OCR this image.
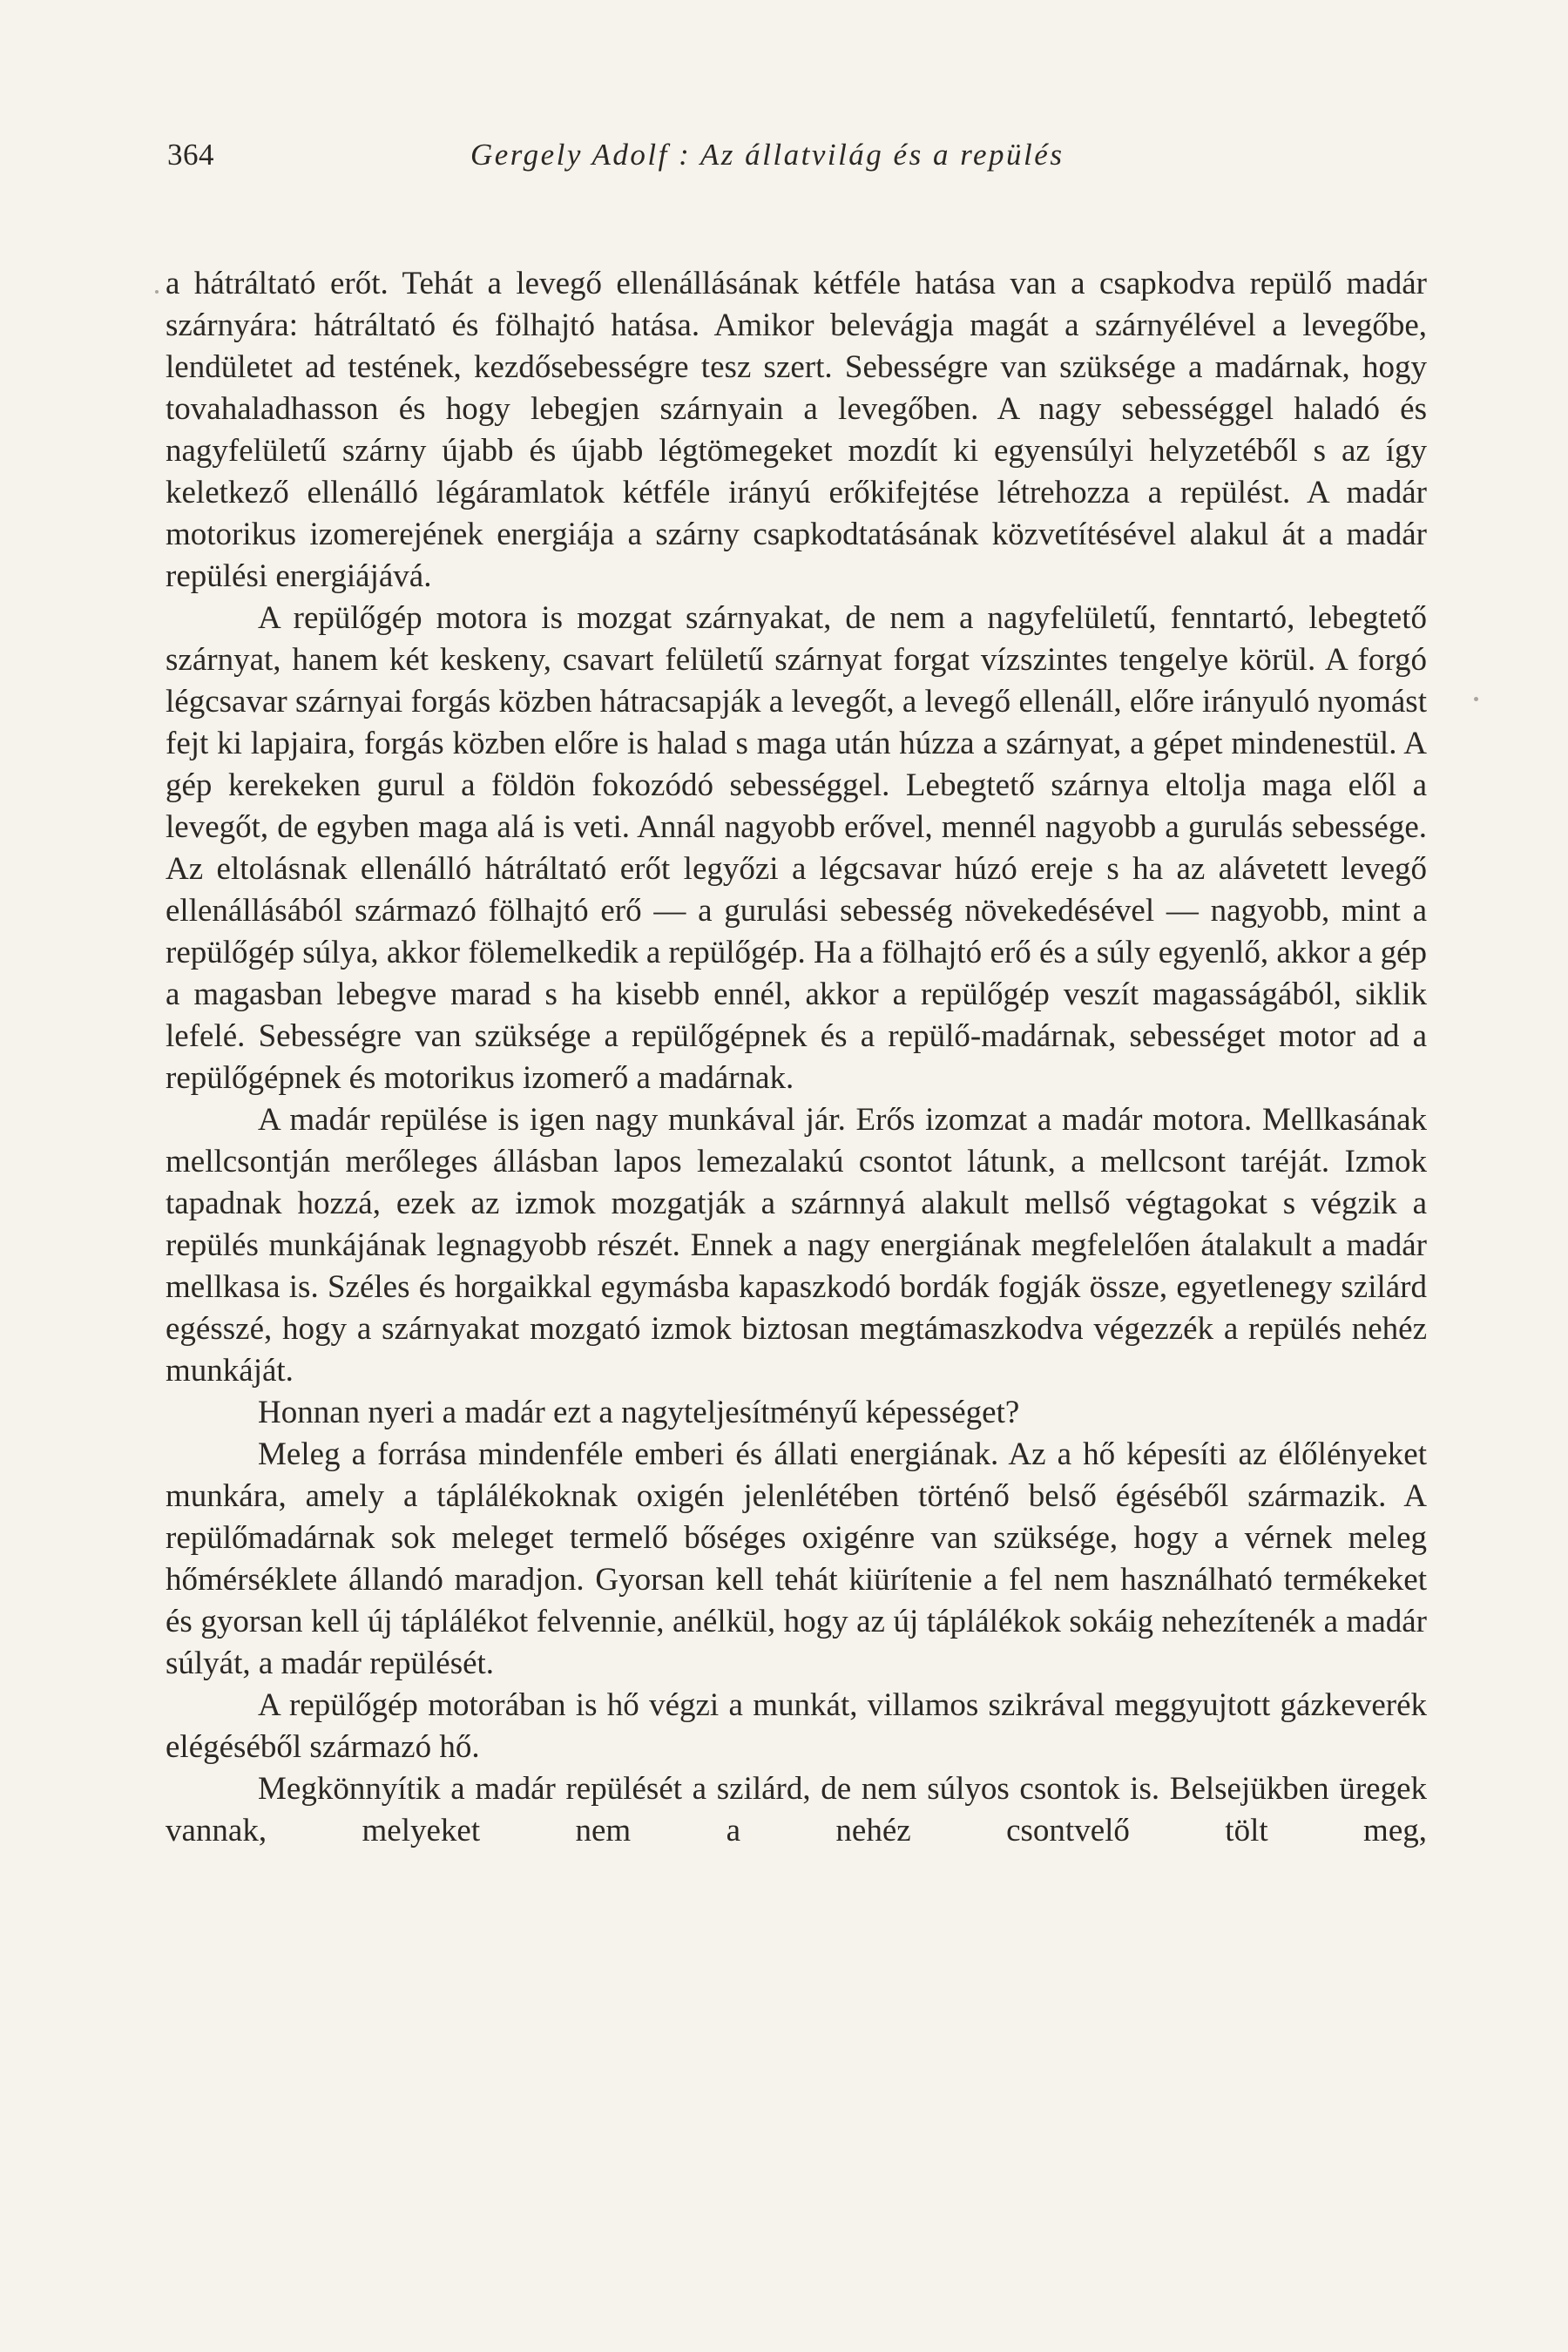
364	Gergely Adolf : Az állatvilág és a repülés

a hátráltató erőt. Tehát a levegő ellenállásának kétféle hatása van a csapkodva repülő madár szárnyára: hátráltató és fölhajtó hatása. Amikor belevágja magát a szárnyélével a levegőbe, lendületet ad testének, kezdősebességre tesz szert. Sebességre van szüksége a madárnak, hogy tovahaladhasson és hogy lebegjen szárnyain a levegőben. A nagy sebességgel haladó és nagyfelületű szárny újabb és újabb légtömegeket mozdít ki egyensúlyi helyzetéből s az így keletkező ellenálló légáramlatok kétféle irányú erőkifejtése létrehozza a repülést. A madár motorikus izomerejének energiája a szárny csapkodtatásának közvetítésével alakul át a madár repülési energiájává.

A repülőgép motora is mozgat szárnyakat, de nem a nagyfelületű, fenntartó, lebegtető szárnyat, hanem két keskeny, csavart felületű szárnyat forgat vízszintes tengelye körül. A forgó légcsavar szárnyai forgás közben hátracsapják a levegőt, a levegő ellenáll, előre irányuló nyomást fejt ki lapjaira, forgás közben előre is halad s maga után húzza a szárnyat, a gépet mindenestül. A gép kerekeken gurul a földön fokozódó sebességgel. Lebegtető szárnya eltolja maga elől a levegőt, de egyben maga alá is veti. Annál nagyobb erővel, mennél nagyobb a gurulás sebessége. Az eltolásnak ellenálló hátráltató erőt legyőzi a légcsavar húzó ereje s ha az alávetett levegő ellenállásából származó fölhajtó erő — a gurulási sebesség növekedésével — nagyobb, mint a repülőgép súlya, akkor fölemelkedik a repülőgép. Ha a fölhajtó erő és a súly egyenlő, akkor a gép a magasban lebegve marad s ha kisebb ennél, akkor a repülőgép veszít magasságából, siklik lefelé. Sebességre van szüksége a repülőgépnek és a repülő-madárnak, sebességet motor ad a repülőgépnek és motorikus izomerő a madárnak.

A madár repülése is igen nagy munkával jár. Erős izomzat a madár motora. Mellkasának mellcsontján merőleges állásban lapos lemezalakú csontot látunk, a mellcsont taréját. Izmok tapadnak hozzá, ezek az izmok mozgatják a szárnnyá alakult mellső végtagokat s végzik a repülés munkájának legnagyobb részét. Ennek a nagy energiának megfelelően átalakult a madár mellkasa is. Széles és horgaikkal egymásba kapaszkodó bordák fogják össze, egyetlenegy szilárd egésszé, hogy a szárnyakat mozgató izmok biztosan megtámaszkodva végezzék a repülés nehéz munkáját.

Honnan nyeri a madár ezt a nagyteljesítményű képességet?

Meleg a forrása mindenféle emberi és állati energiának. Az a hő képesíti az élőlényeket munkára, amely a táplálékoknak oxigén jelenlétében történő belső égéséből származik. A repülőmadárnak sok meleget termelő bőséges oxigénre van szüksége, hogy a vérnek meleg hőmérséklete állandó maradjon. Gyorsan kell tehát kiürítenie a fel nem használható termékeket és gyorsan kell új táplálékot felvennie, anélkül, hogy az új táplálékok sokáig nehezítenék a madár súlyát, a madár repülését.

A repülőgép motorában is hő végzi a munkát, villamos szikrával meggyujtott gázkeverék elégéséből származó hő.

Megkönnyítik a madár repülését a szilárd, de nem súlyos csontok is. Belsejükben üregek vannak, melyeket nem a nehéz csontvelő tölt meg,
